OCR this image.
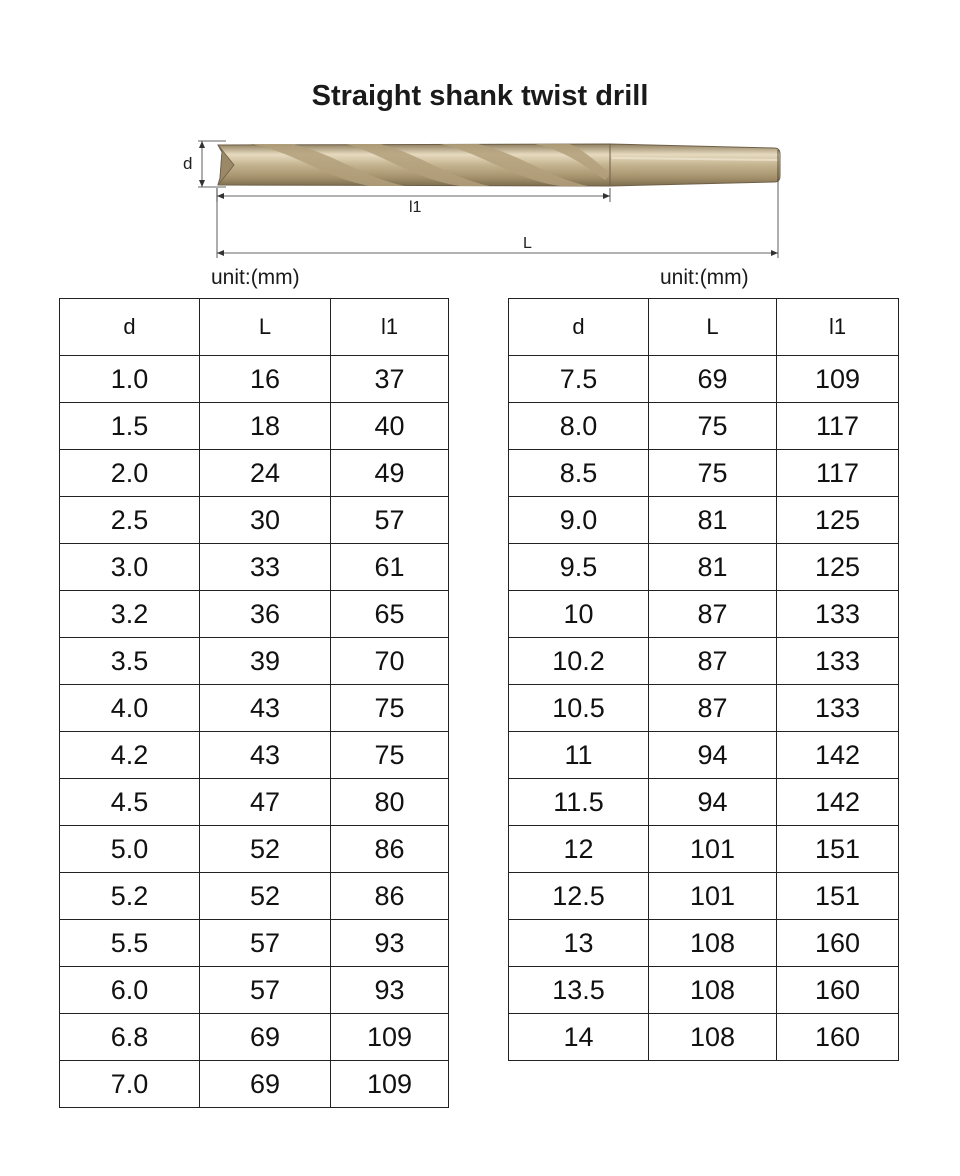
Straight shank twist drill
d
l1
L
unit:(mm)	unit:(mm)
d	L	l1
1.0	16	37
1.5	18	40
2.0	24	49
2.5	30	57
3.0	33	61
3.2	36	65
3.5	39	70
4.0	43	75
4.2	43	75
4.5	47	80
5.0	52	86
5.2	52	86
5.5	57	93
6.0	57	93
6.8	69	109
7.0	69	109
d	L	l1
7.5	69	109
8.0	75	117
8.5	75	117
9.0	81	125
9.5	81	125
10	87	133
10.2	87	133
10.5	87	133
11	94	142
11.5	94	142
12	101	151
12.5	101	151
13	108	160
13.5	108	160
14	108	160
